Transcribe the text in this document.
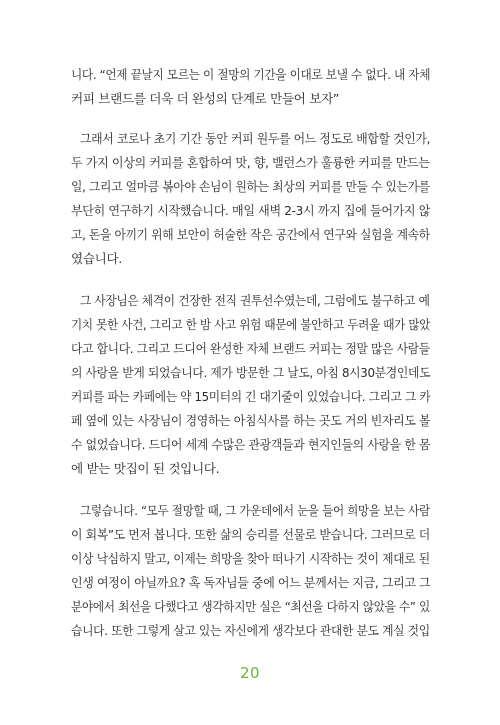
니다. “언제 끝날지 모르는 이 절망의 기간을 이대로 보낼 수 없다. 내 자체
커피 브랜드를 더욱 더 완성의 단계로 만들어 보자”
그래서 코로나 초기 기간 동안 커피 원두를 어느 정도로 배합할 것인가,
두 가지 이상의 커피를 혼합하여 맛, 향, 밸런스가 훌륭한 커피를 만드는
일, 그리고 얼마큼 볶아야 손님이 원하는 최상의 커피를 만들 수 있는가를
부단히 연구하기 시작했습니다. 매일 새벽 2-3시 까지 집에 들어가지 않
고, 돈을 아끼기 위해 보안이 허술한 작은 공간에서 연구와 실험을 계속하
였습니다.
그 사장님은 체격이 건장한 전직 권투선수였는데, 그럼에도 불구하고 예
기치 못한 사건, 그리고 한 밤 사고 위험 때문에 불안하고 두려울 때가 많았
다고 합니다. 그리고 드디어 완성한 자체 브랜드 커피는 정말 많은 사람들
의 사랑을 받게 되었습니다. 제가 방문한 그 날도, 아침 8시30분경인데도
커피를 파는 카페에는 약 15미터의 긴 대기줄이 있었습니다. 그리고 그 카
페 옆에 있는 사장님이 경영하는 아침식사를 하는 곳도 거의 빈자리도 볼
수 없었습니다. 드디어 세계 수많은 관광객들과 현지인들의 사랑을 한 몸
에 받는 맛집이 된 것입니다.
그렇습니다. “모두 절망할 때, 그 가운데에서 눈을 들어 희망을 보는 사람
이 회복”도 먼저 봅니다. 또한 삶의 승리를 선물로 받습니다. 그러므로 더
이상 낙심하지 말고, 이제는 희망을 찾아 떠나기 시작하는 것이 제대로 된
인생 여정이 아닐까요? 혹 독자님들 중에 어느 분께서는 지금, 그리고 그
분야에서 최선을 다했다고 생각하지만 실은 “최선을 다하지 않았을 수” 있
습니다. 또한 그렇게 살고 있는 자신에게 생각보다 관대한 분도 계실 것입
20
